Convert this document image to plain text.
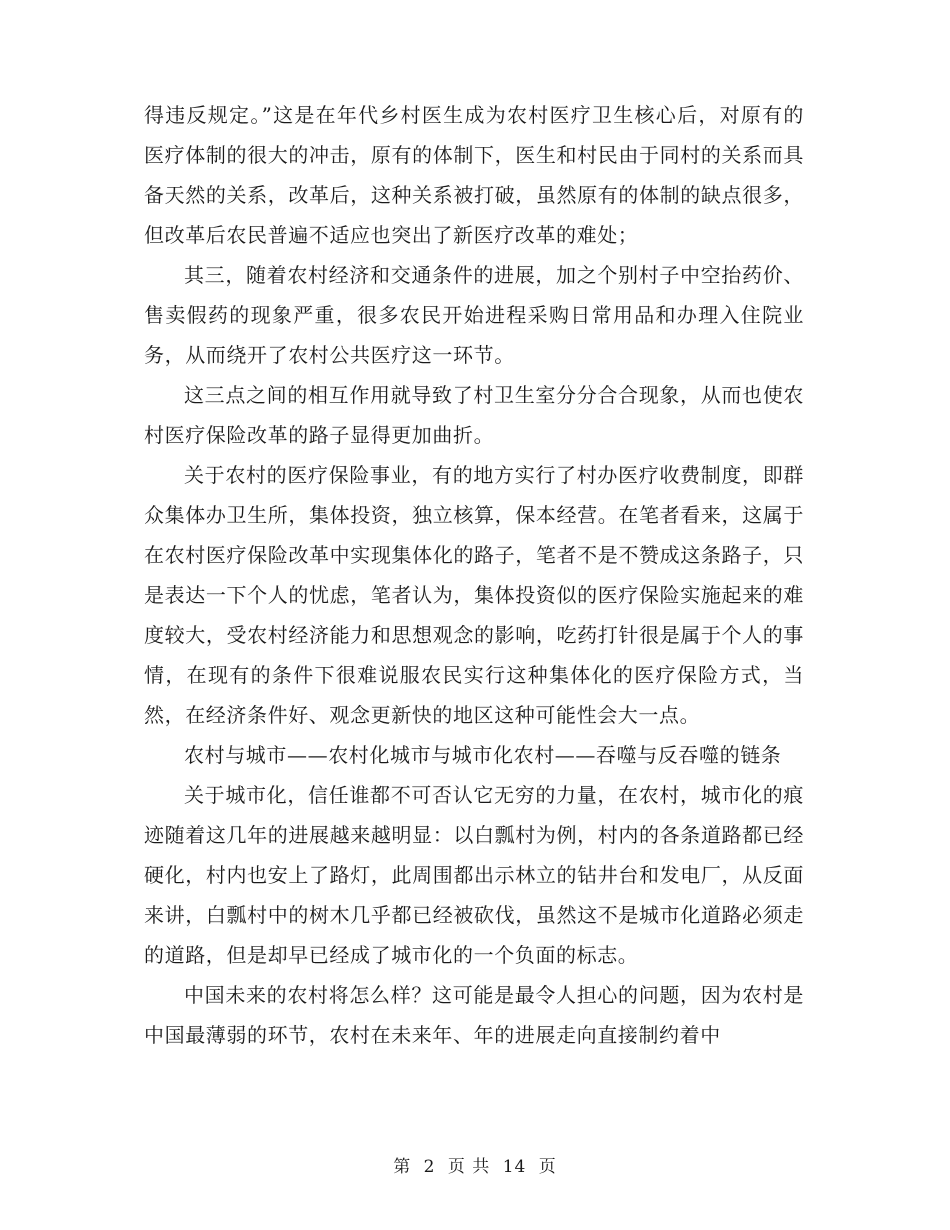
得违反规定。”这是在年代乡村医生成为农村医疗卫生核心后，对原有的医疗体制的很大的冲击，原有的体制下，医生和村民由于同村的关系而具备天然的关系，改革后，这种关系被打破，虽然原有的体制的缺点很多，但改革后农民普遍不适应也突出了新医疗改革的难处；

其三，随着农村经济和交通条件的进展，加之个别村子中空抬药价、售卖假药的现象严重，很多农民开始进程采购日常用品和办理入住院业务，从而绕开了农村公共医疗这一环节。

这三点之间的相互作用就导致了村卫生室分分合合现象，从而也使农村医疗保险改革的路子显得更加曲折。

关于农村的医疗保险事业，有的地方实行了村办医疗收费制度，即群众集体办卫生所，集体投资，独立核算，保本经营。在笔者看来，这属于在农村医疗保险改革中实现集体化的路子，笔者不是不赞成这条路子，只是表达一下个人的忧虑，笔者认为，集体投资似的医疗保险实施起来的难度较大，受农村经济能力和思想观念的影响，吃药打针很是属于个人的事情，在现有的条件下很难说服农民实行这种集体化的医疗保险方式，当然，在经济条件好、观念更新快的地区这种可能性会大一点。

农村与城市——农村化城市与城市化农村——吞噬与反吞噬的链条

关于城市化，信任谁都不可否认它无穷的力量，在农村，城市化的痕迹随着这几年的进展越来越明显：以白瓢村为例，村内的各条道路都已经硬化，村内也安上了路灯，此周围都出示林立的钻井台和发电厂，从反面来讲，白瓢村中的树木几乎都已经被砍伐，虽然这不是城市化道路必须走的道路，但是却早已经成了城市化的一个负面的标志。

中国未来的农村将怎么样？这可能是最令人担心的问题，因为农村是中国最薄弱的环节，农村在未来年、年的进展走向直接制约着中

第 2 页 共 14 页
